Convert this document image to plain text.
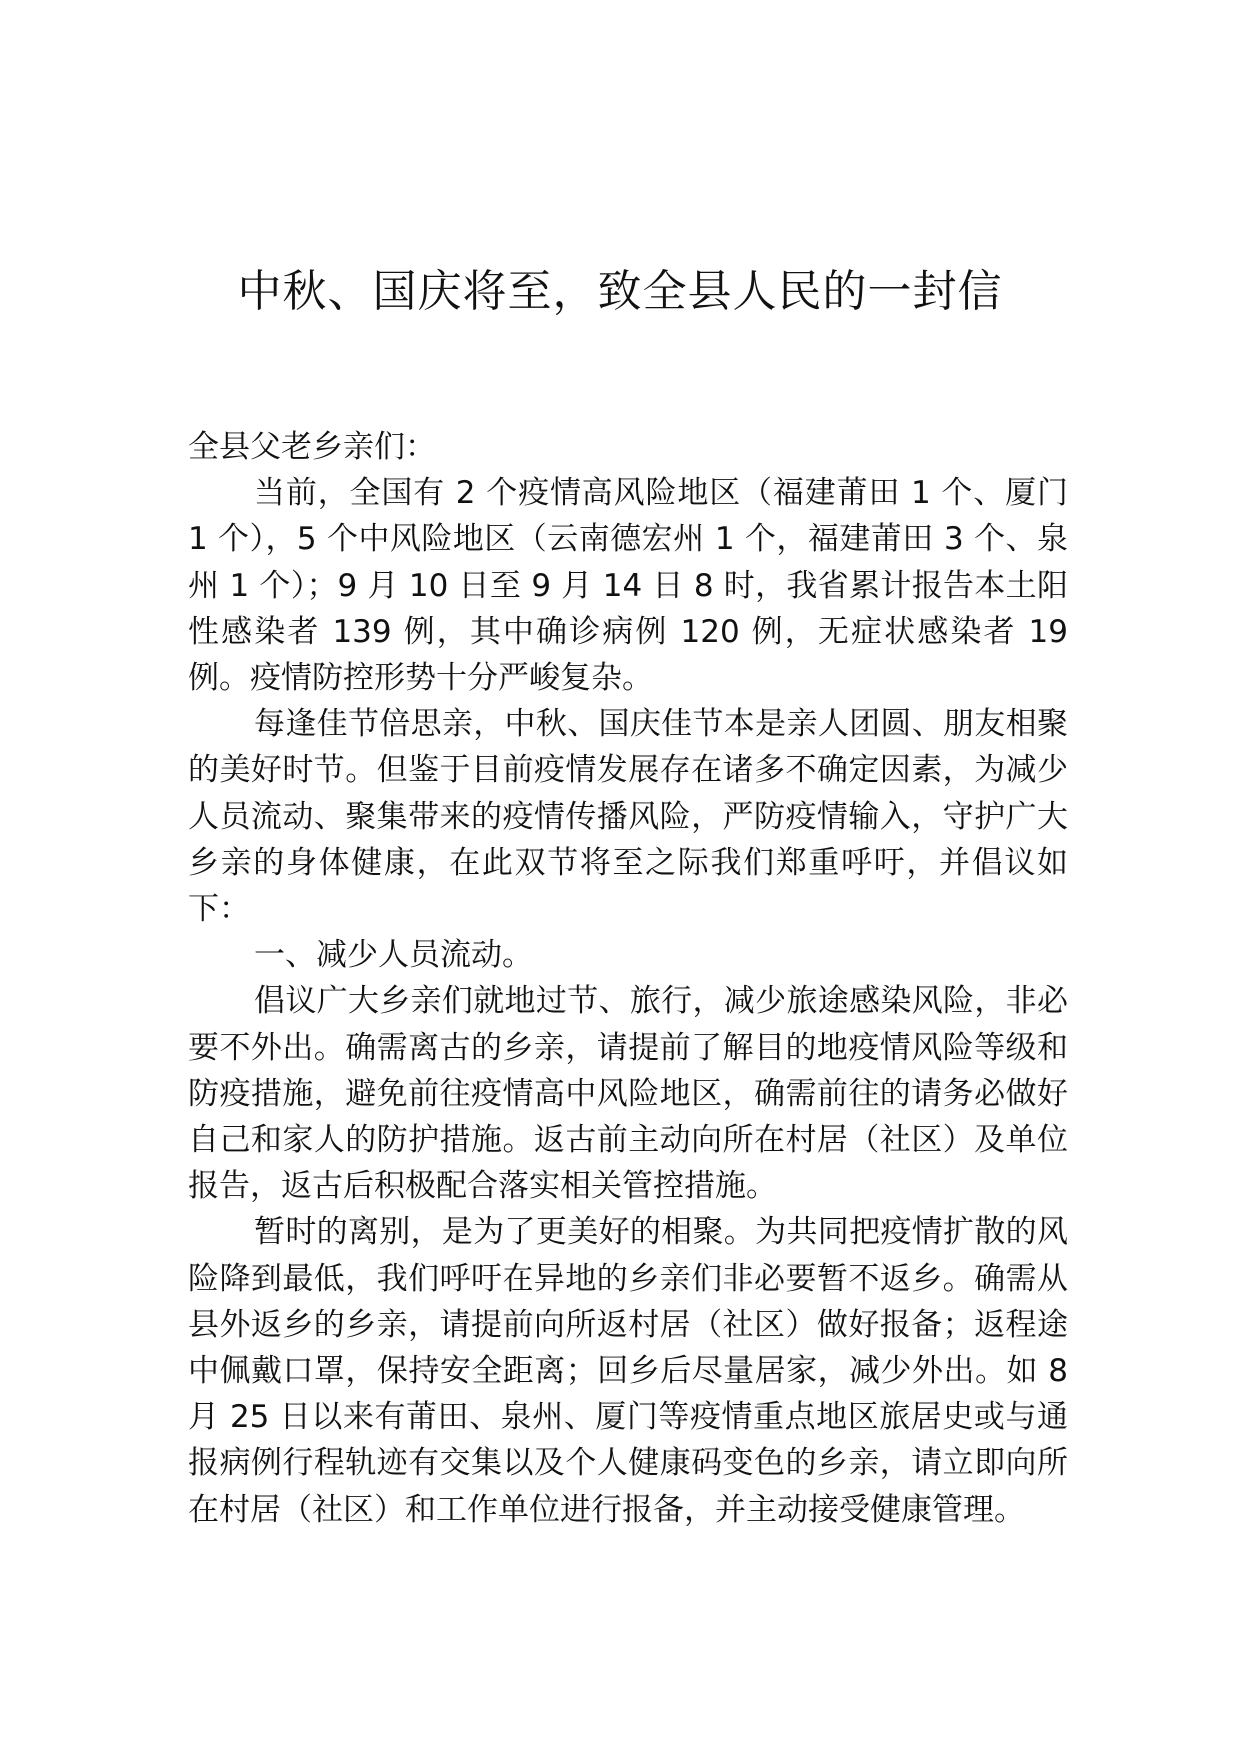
中秋、国庆将至，致全县人民的一封信

全县父老乡亲们：

当前，全国有 2 个疫情高风险地区（福建莆田 1 个、厦门 1 个），5 个中风险地区（云南德宏州 1 个，福建莆田 3 个、泉州 1 个）；9 月 10 日至 9 月 14 日 8 时，我省累计报告本土阳性感染者 139 例，其中确诊病例 120 例，无症状感染者 19 例。疫情防控形势十分严峻复杂。

每逢佳节倍思亲，中秋、国庆佳节本是亲人团圆、朋友相聚的美好时节。但鉴于目前疫情发展存在诸多不确定因素，为减少人员流动、聚集带来的疫情传播风险，严防疫情输入，守护广大乡亲的身体健康，在此双节将至之际我们郑重呼吁，并倡议如下：

一、减少人员流动。

倡议广大乡亲们就地过节、旅行，减少旅途感染风险，非必要不外出。确需离古的乡亲，请提前了解目的地疫情风险等级和防疫措施，避免前往疫情高中风险地区，确需前往的请务必做好自己和家人的防护措施。返古前主动向所在村居（社区）及单位报告，返古后积极配合落实相关管控措施。

暂时的离别，是为了更美好的相聚。为共同把疫情扩散的风险降到最低，我们呼吁在异地的乡亲们非必要暂不返乡。确需从县外返乡的乡亲，请提前向所返村居（社区）做好报备；返程途中佩戴口罩，保持安全距离；回乡后尽量居家，减少外出。如 8 月 25 日以来有莆田、泉州、厦门等疫情重点地区旅居史或与通报病例行程轨迹有交集以及个人健康码变色的乡亲，请立即向所在村居（社区）和工作单位进行报备，并主动接受健康管理。
